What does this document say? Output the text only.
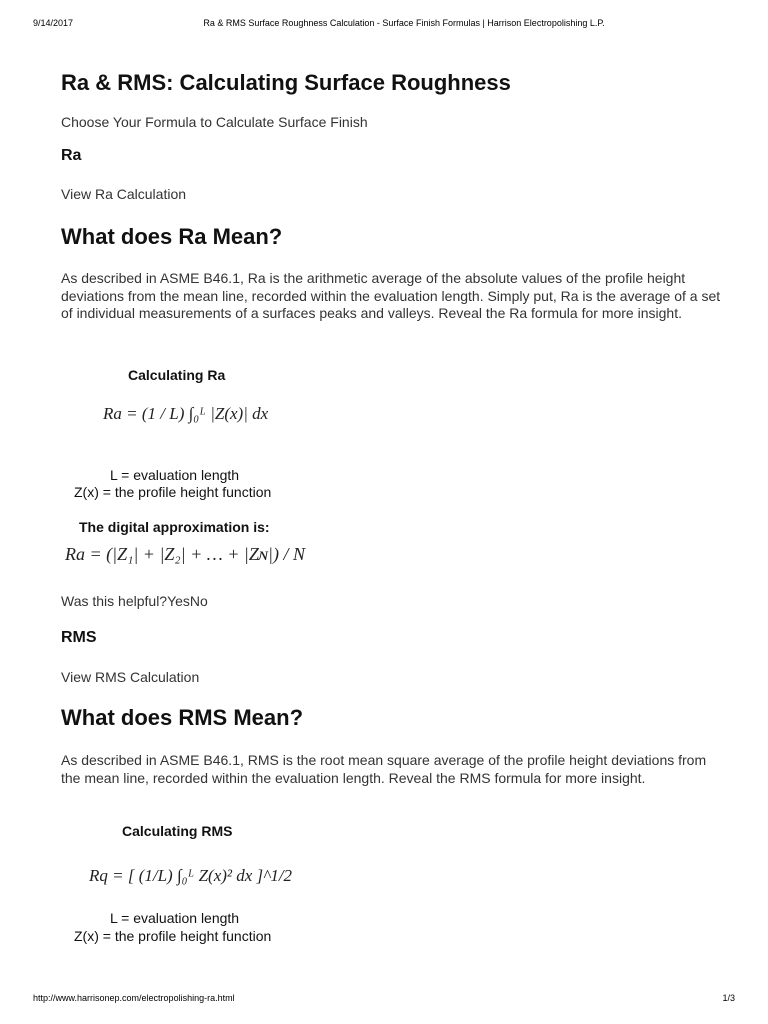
9/14/2017	Ra & RMS Surface Roughness Calculation - Surface Finish Formulas | Harrison Electropolishing L.P.
Ra & RMS: Calculating Surface Roughness
Choose Your Formula to Calculate Surface Finish
Ra
View Ra Calculation
What does Ra Mean?

As described in ASME B46.1, Ra is the arithmetic average of the absolute values of the profile height deviations from the mean line, recorded within the evaluation length. Simply put, Ra is the average of a set of individual measurements of a surfaces peaks and valleys. Reveal the Ra formula for more insight.

Calculating Ra
Ra = (1 / L) ∫₀ᴸ |Z(x)| dx
L = evaluation length
Z(x) = the profile height function
The digital approximation is:
Ra = (|Z₁| + |Z₂| + … + |Zɴ|) / N
Was this helpful?YesNo
RMS
View RMS Calculation
What does RMS Mean?

As described in ASME B46.1, RMS is the root mean square average of the profile height deviations from the mean line, recorded within the evaluation length. Reveal the RMS formula for more insight.

Calculating RMS
Rq = [ (1/L) ∫₀ᴸ Z(x)² dx ]^1/2
L = evaluation length
Z(x) = the profile height function
http://www.harrisonep.com/electropolishing-ra.html	1/3
